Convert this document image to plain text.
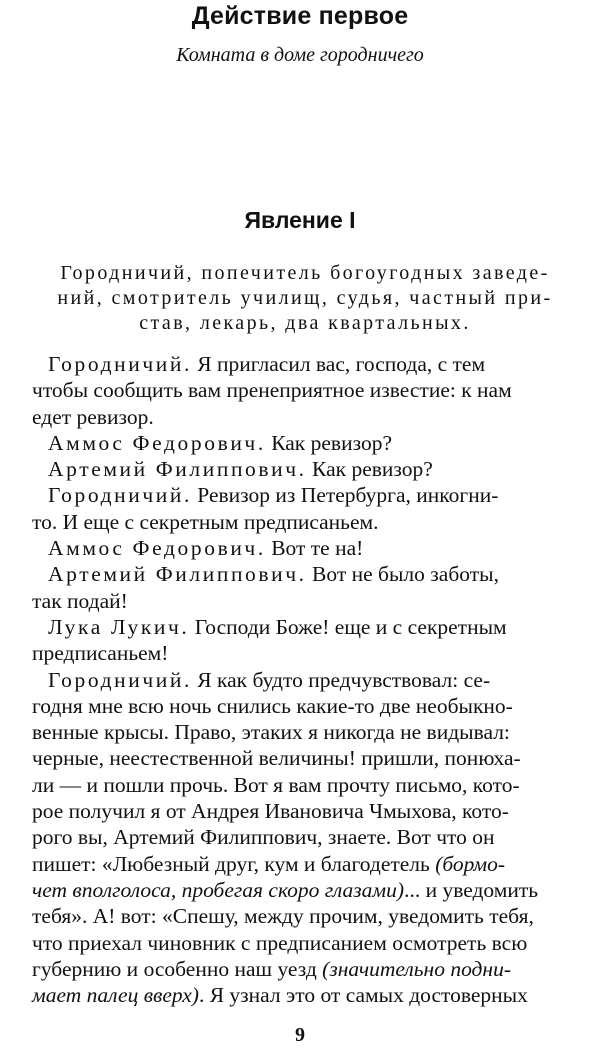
Действие первое
Комната в доме городничего
Явление I
Городничий, попечитель богоугодных заведе-
ний, смотритель училищ, судья, частный при-
став, лекарь, два квартальных.
Городничий. Я пригласил вас, господа, с тем
чтобы сообщить вам пренеприятное известие: к нам
едет ревизор.
Аммос Федорович. Как ревизор?
Артемий Филиппович. Как ревизор?
Городничий. Ревизор из Петербурга, инкогни-
то. И еще с секретным предписаньем.
Аммос Федорович. Вот те на!
Артемий Филиппович. Вот не было заботы,
так подай!
Лука Лукич. Господи Боже! еще и с секретным
предписаньем!
Городничий. Я как будто предчувствовал: се-
годня мне всю ночь снились какие-то две необыкно-
венные крысы. Право, этаких я никогда не видывал:
черные, неестественной величины! пришли, понюха-
ли — и пошли прочь. Вот я вам прочту письмо, кото-
рое получил я от Андрея Ивановича Чмыхова, кото-
рого вы, Артемий Филиппович, знаете. Вот что он
пишет: «Любезный друг, кум и благодетель (бормо-
чет вполголоса, пробегая скоро глазами)... и уведомить
тебя». А! вот: «Спешу, между прочим, уведомить тебя,
что приехал чиновник с предписанием осмотреть всю
губернию и особенно наш уезд (значительно подни-
мает палец вверх). Я узнал это от самых достоверных
9
